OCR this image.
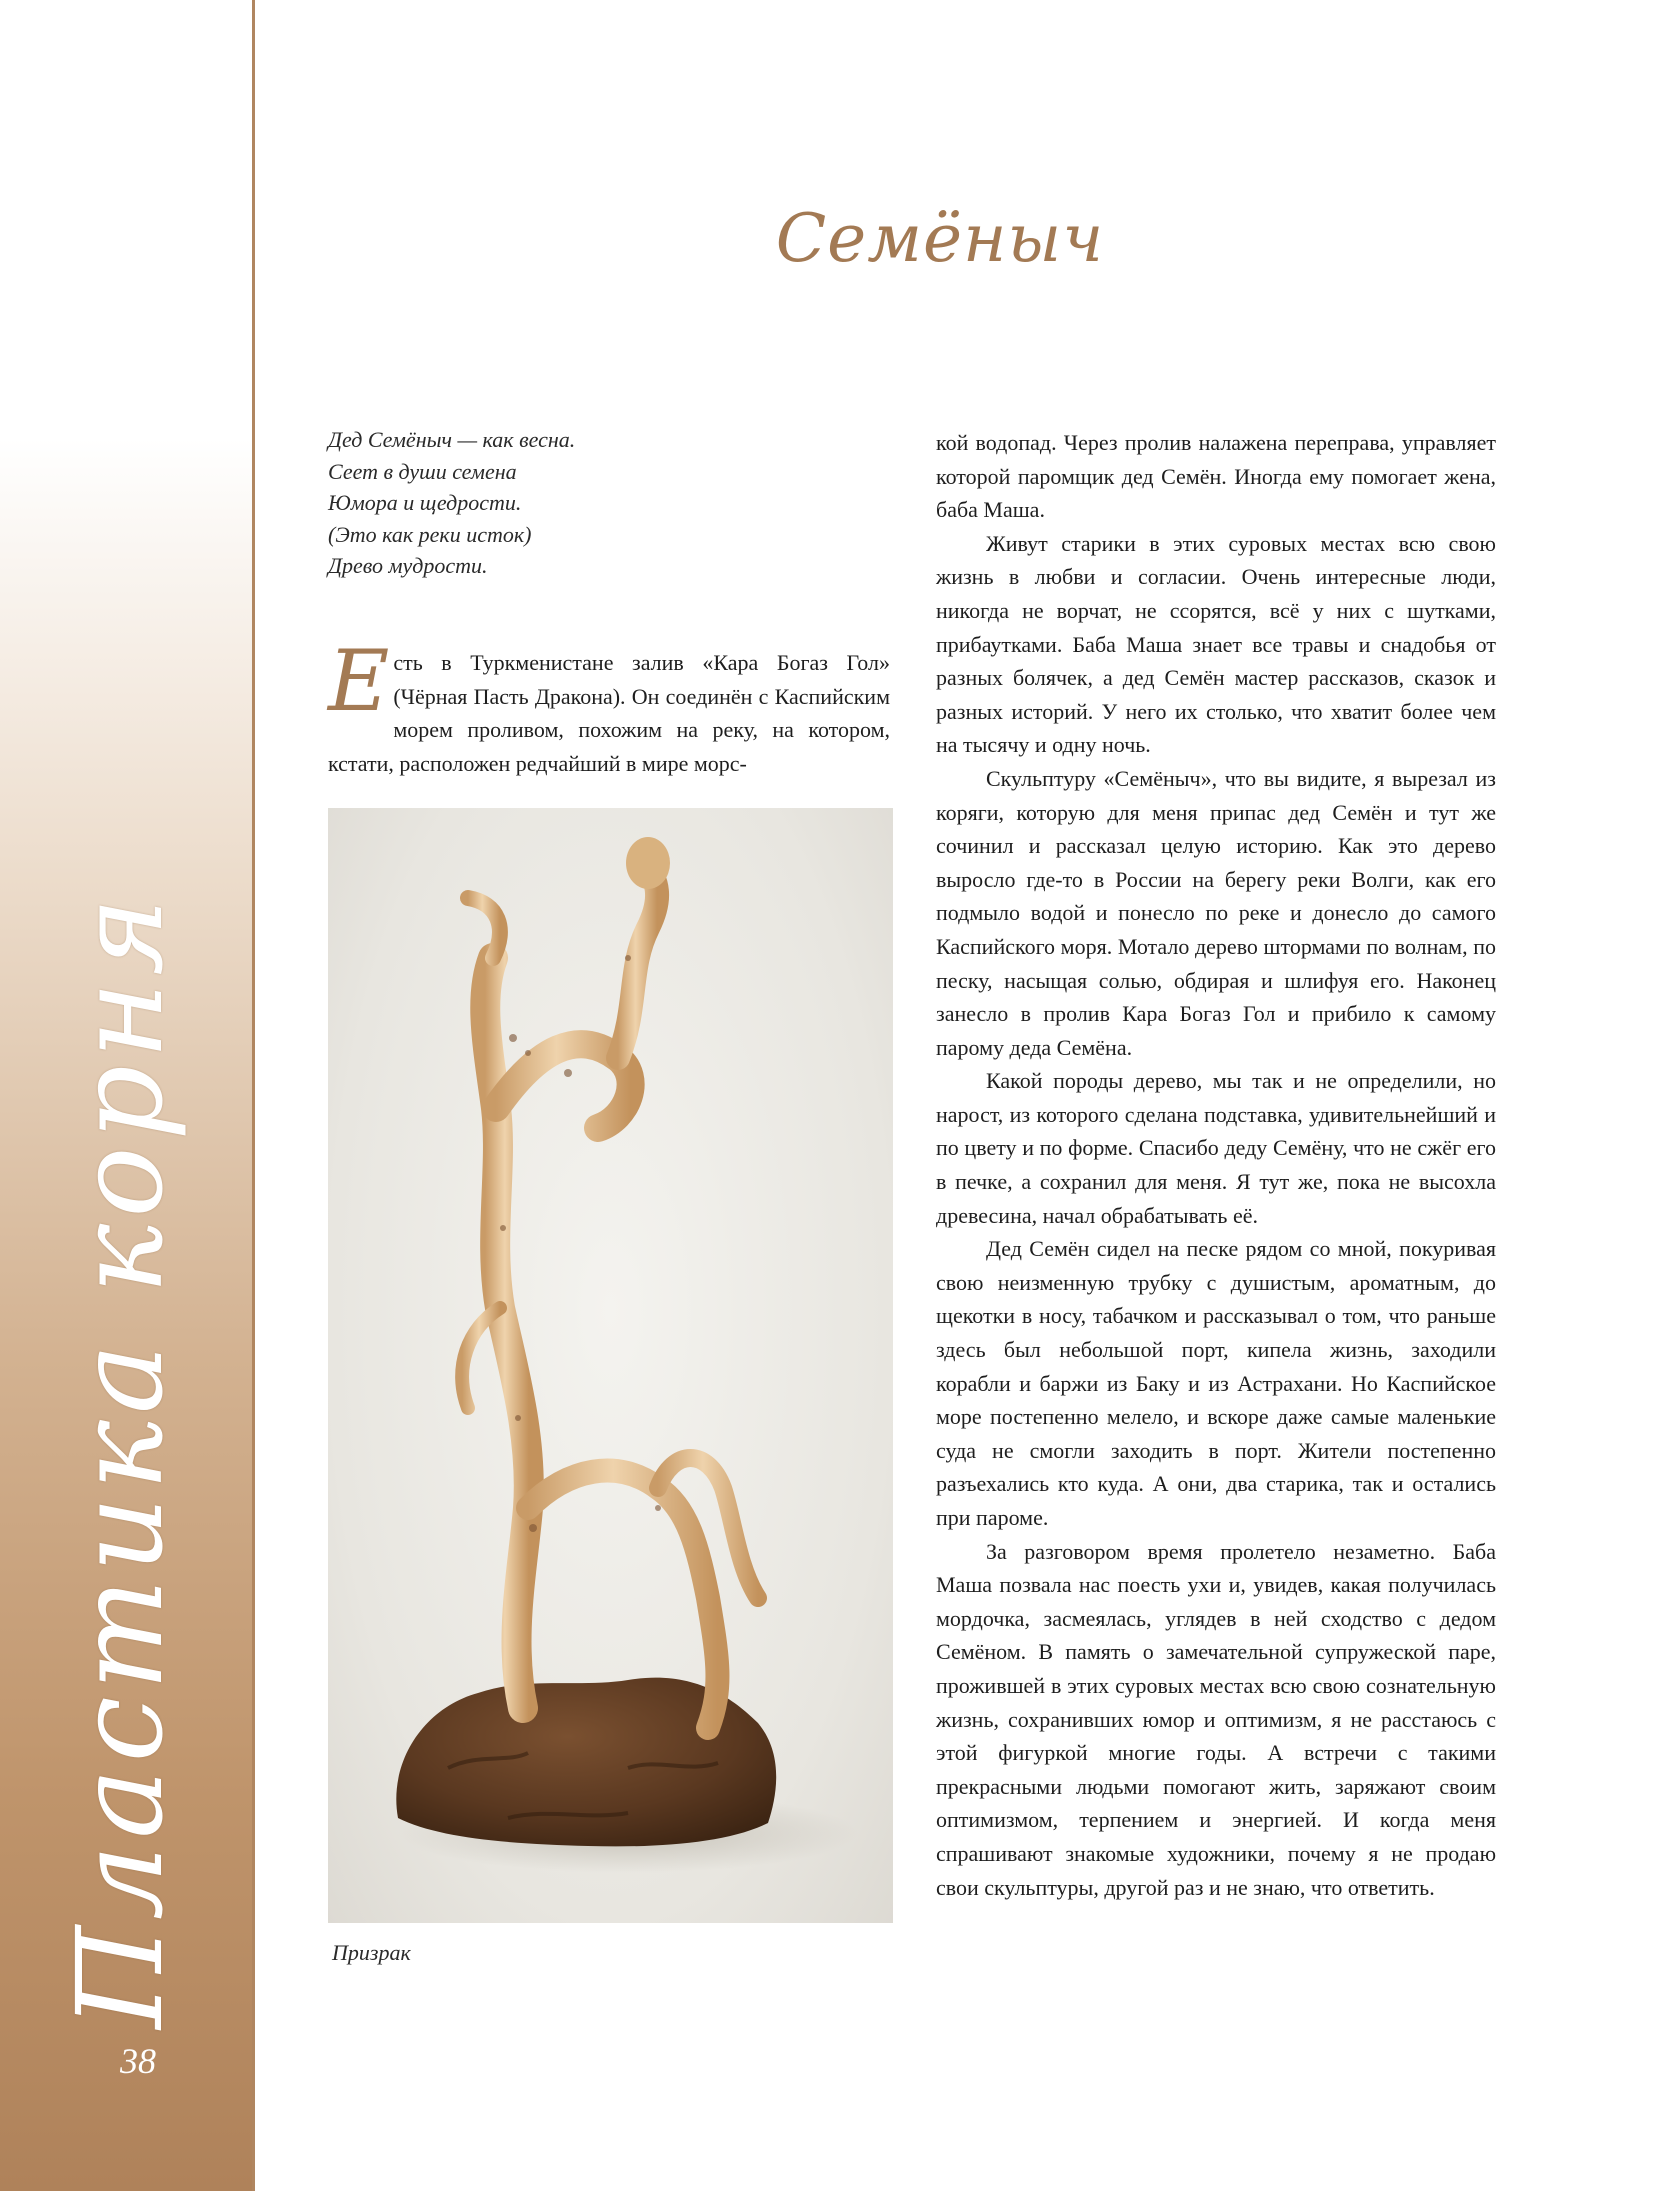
Пластика корня
38
Семёныч
Дед Семёныч — как весна.
Сеет в души семена
Юмора и щедрости.
(Это как реки исток)
Древо мудрости.
Есть в Туркменистане залив «Кара Богаз Гол» (Чёрная Пасть Дракона). Он соединён с Каспийским морем проливом, похожим на реку, на котором, кстати, расположен редчайший в мире морс-
Призрак

кой водопад. Через пролив налажена переправа, управляет которой паромщик дед Семён. Иногда ему помогает жена, баба Маша.

Живут старики в этих суровых местах всю свою жизнь в любви и согласии. Очень интересные люди, никогда не ворчат, не ссорятся, всё у них с шутками, прибаутками. Баба Маша знает все травы и снадобья от разных болячек, а дед Семён мастер рассказов, сказок и разных историй. У него их столько, что хватит более чем на тысячу и одну ночь.

Скульптуру «Семёныч», что вы видите, я вырезал из коряги, которую для меня припас дед Семён и тут же сочинил и рассказал целую историю. Как это дерево выросло где-то в России на берегу реки Волги, как его подмыло водой и понесло по реке и донесло до самого Каспийского моря. Мотало дерево штормами по волнам, по песку, насыщая солью, обдирая и шлифуя его. Наконец занесло в пролив Кара Богаз Гол и прибило к самому парому деда Семёна.

Какой породы дерево, мы так и не определили, но нарост, из которого сделана подставка, удивительнейший и по цвету и по форме. Спасибо деду Семёну, что не сжёг его в печке, а сохранил для меня. Я тут же, пока не высохла древесина, начал обрабатывать её.

Дед Семён сидел на песке рядом со мной, покуривая свою неизменную трубку с душистым, ароматным, до щекотки в носу, табачком и рассказывал о том, что раньше здесь был небольшой порт, кипела жизнь, заходили корабли и баржи из Баку и из Астрахани. Но Каспийское море постепенно мелело, и вскоре даже самые маленькие суда не смогли заходить в порт. Жители постепенно разъехались кто куда. А они, два старика, так и остались при пароме.

За разговором время пролетело незаметно. Баба Маша позвала нас поесть ухи и, увидев, какая получилась мордочка, засмеялась, углядев в ней сходство с дедом Семёном. В память о замечательной супружеской паре, прожившей в этих суровых местах всю свою сознательную жизнь, сохранивших юмор и оптимизм, я не расстаюсь с этой фигуркой многие годы. А встречи с такими прекрасными людьми помогают жить, заряжают своим оптимизмом, терпением и энергией. И когда меня спрашивают знакомые художники, почему я не продаю свои скульптуры, другой раз и не знаю, что ответить.
